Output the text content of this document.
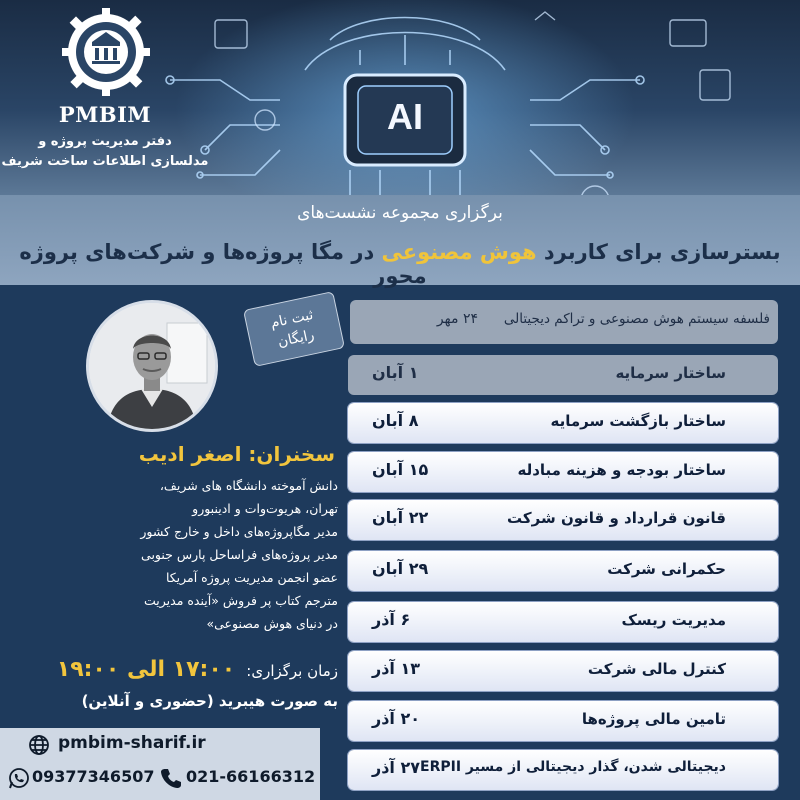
AI
PMBIM
دفتر مدیریت پروژه و
مدلسازی اطلاعات ساخت شریف
برگزاری مجموعه نشست‌های
بسترسازی برای کاربرد هوش مصنوعی در مگا پروژه‌ها و شرکت‌های پروژه محور
ثبت نام
رایگان
سخنران: اصغر ادیب
دانش آموخته دانشگاه های شریف،
تهران، هریوت‌وات و ادینبورو
مدیر مگاپروژه‌های داخل و خارج کشور
مدیر پروژه‌های فراساحل پارس جنوبی
عضو انجمن مدیریت پروژه آمریکا
مترجم کتاب پر فروش «آینده مدیریت
در دنیای هوش مصنوعی»
زمان برگزاری: ۱۷:۰۰ الی ۱۹:۰۰
به صورت هیبرید (حضوری و آنلاین)
pmbim-sharif.ir
021-66166312
09377346507
فلسفه سیستم هوش مصنوعی و تراکم دیجیتالی
۲۴ مهر
ساختار سرمایه
۱ آبان
ساختار بازگشت سرمایه
۸ آبان
ساختار بودجه و هزینه مبادله
۱۵ آبان
قانون قرارداد و قانون شرکت
۲۲ آبان
حکمرانی شرکت
۲۹ آبان
مدیریت ریسک
۶ آذر
کنترل مالی شرکت
۱۳ آذر
تامین مالی پروژه‌ها
۲۰ آذر
دیجیتالی شدن، گذار دیجیتالی از مسیر ERPII
۲۷ آذر
